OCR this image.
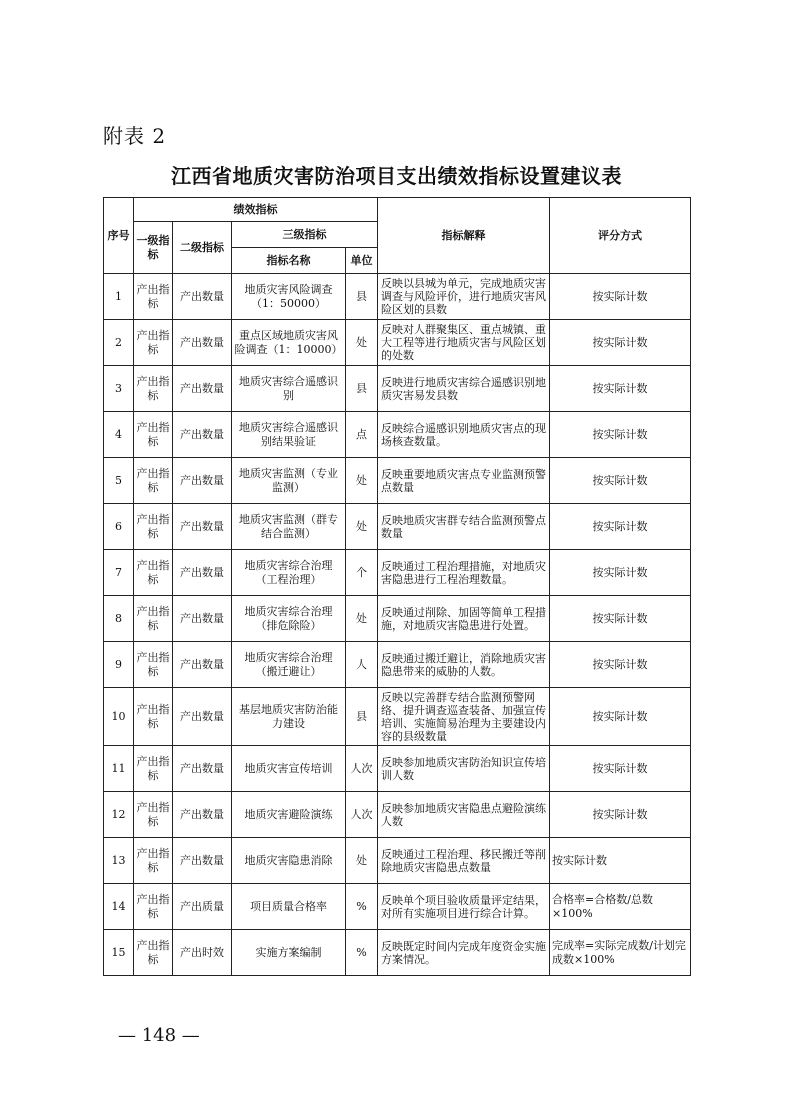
附表 2
江西省地质灾害防治项目支出绩效指标设置建议表
序号	绩效指标				指标解释	评分方式
	一级指标	二级指标	三级指标			
			指标名称	单位		
1	产出指标	产出数量	地质灾害风险调查（1：50000）	县	反映以县城为单元，完成地质灾害调查与风险评价，进行地质灾害风险区划的县数	按实际计数
2	产出指标	产出数量	重点区域地质灾害风险调查（1：10000）	处	反映对人群聚集区、重点城镇、重大工程等进行地质灾害与风险区划的处数	按实际计数
3	产出指标	产出数量	地质灾害综合遥感识别	县	反映进行地质灾害综合遥感识别地质灾害易发县数	按实际计数
4	产出指标	产出数量	地质灾害综合遥感识别结果验证	点	反映综合遥感识别地质灾害点的现场核查数量。	按实际计数
5	产出指标	产出数量	地质灾害监测（专业监测）	处	反映重要地质灾害点专业监测预警点数量	按实际计数
6	产出指标	产出数量	地质灾害监测（群专结合监测）	处	反映地质灾害群专结合监测预警点数量	按实际计数
7	产出指标	产出数量	地质灾害综合治理（工程治理）	个	反映通过工程治理措施，对地质灾害隐患进行工程治理数量。	按实际计数
8	产出指标	产出数量	地质灾害综合治理（排危除险）	处	反映通过削除、加固等简单工程措施，对地质灾害隐患进行处置。	按实际计数
9	产出指标	产出数量	地质灾害综合治理（搬迁避让）	人	反映通过搬迁避让，消除地质灾害隐患带来的威胁的人数。	按实际计数
10	产出指标	产出数量	基层地质灾害防治能力建设	县	反映以完善群专结合监测预警网络、提升调查巡查装备、加强宣传培训、实施简易治理为主要建设内容的县级数量	按实际计数
11	产出指标	产出数量	地质灾害宣传培训	人次	反映参加地质灾害防治知识宣传培训人数	按实际计数
12	产出指标	产出数量	地质灾害避险演练	人次	反映参加地质灾害隐患点避险演练人数	按实际计数
13	产出指标	产出数量	地质灾害隐患消除	处	反映通过工程治理、移民搬迁等削除地质灾害隐患点数量	按实际计数
14	产出指标	产出质量	项目质量合格率	%	反映单个项目验收质量评定结果，对所有实施项目进行综合计算。	合格率=合格数/总数×100%
15	产出指标	产出时效	实施方案编制	%	反映既定时间内完成年度资金实施方案情况。	完成率=实际完成数/计划完成数×100%
— 148 —
